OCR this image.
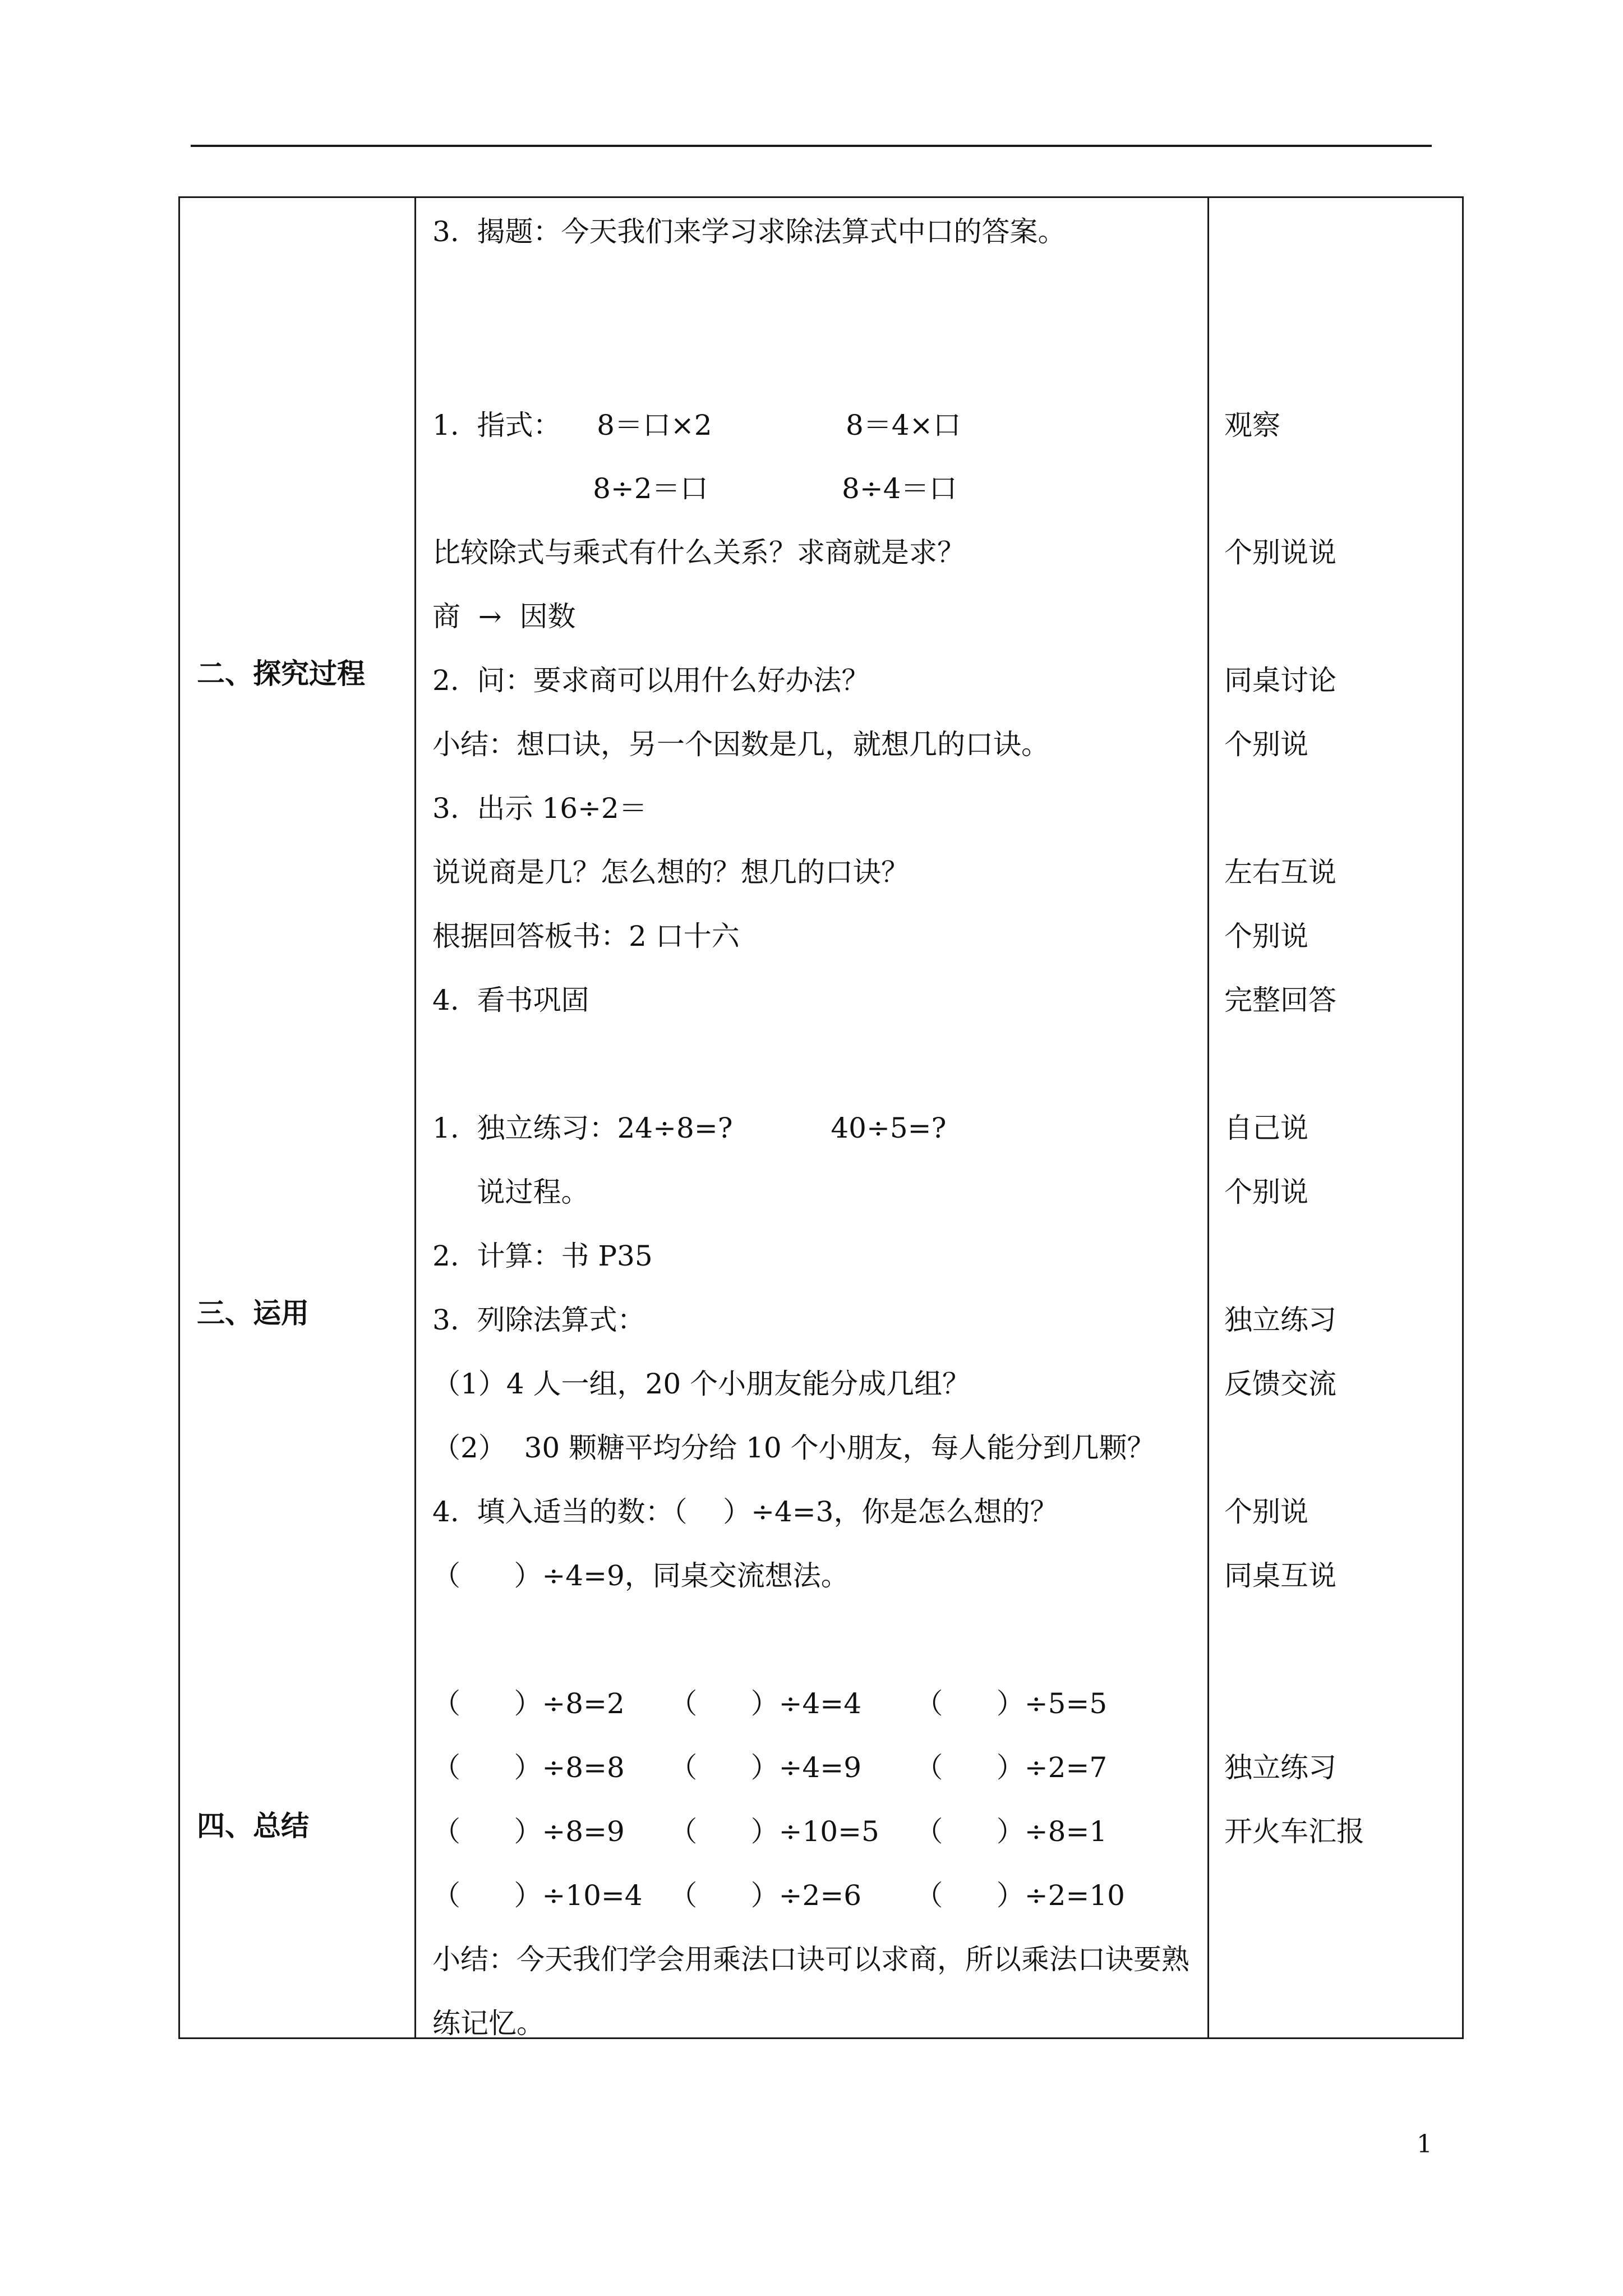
二、探究过程
三、运用
四、总结
3.  揭题：今天我们来学习求除法算式中口的答案。
1.  指式：    8＝口×2               8＝4×口
8÷2＝口               8÷4＝口
比较除式与乘式有什么关系？求商就是求？
商  →  因数
2.  问：要求商可以用什么好办法？
小结：想口诀，另一个因数是几，就想几的口诀。
3.  出示 16÷2＝
说说商是几？怎么想的？想几的口诀？
根据回答板书：2 口十六
4.  看书巩固
1.  独立练习：24÷8=?           40÷5=?
说过程。
2.  计算：书 P35
3.  列除法算式：
（1）4 人一组，20 个小朋友能分成几组？
（2）  30 颗糖平均分给 10 个小朋友，每人能分到几颗？
4.  填入适当的数：（    ）÷4=3，你是怎么想的？
（      ）÷4=9，同桌交流想法。
（      ）÷8=2     （      ）÷4=4      （      ）÷5=5
（      ）÷8=8     （      ）÷4=9      （      ）÷2=7
（      ）÷8=9     （      ）÷10=5    （      ）÷8=1
（      ）÷10=4   （      ）÷2=6      （      ）÷2=10
小结：今天我们学会用乘法口诀可以求商，所以乘法口诀要熟
练记忆。
观察
个别说说
同桌讨论
个别说
左右互说
个别说
完整回答
自己说
个别说
独立练习
反馈交流
个别说
同桌互说
独立练习
开火车汇报
1
